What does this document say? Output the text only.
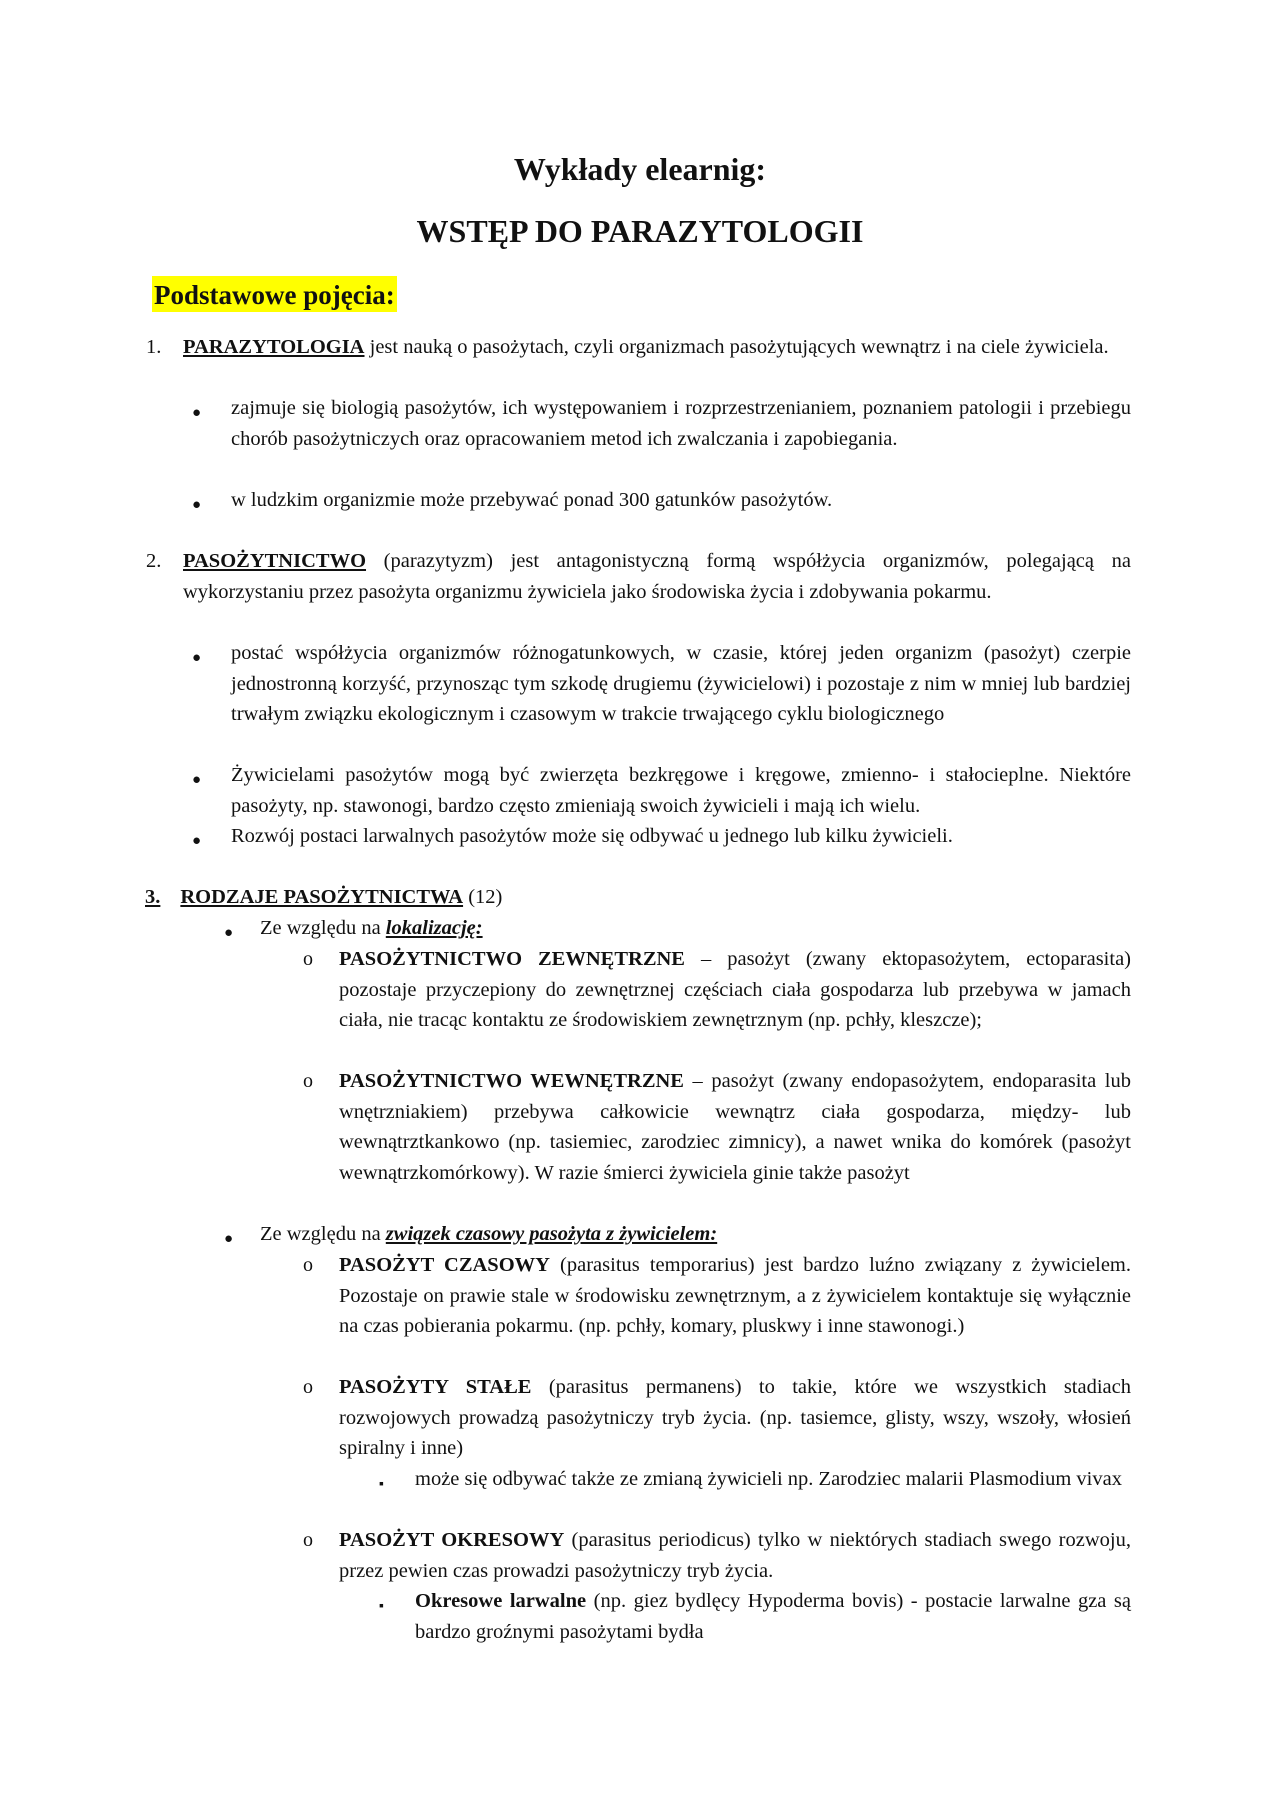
Wykłady elearnig:
WSTĘP DO PARAZYTOLOGII
Podstawowe pojęcia:
1. PARAZYTOLOGIA jest nauką o pasożytach, czyli organizmach pasożytujących wewnątrz i na ciele żywiciela.

●	zajmuje się biologią pasożytów, ich występowaniem i rozprzestrzenianiem, poznaniem patologii i przebiegu chorób pasożytniczych oraz opracowaniem metod ich zwalczania i zapobiegania.

●	w ludzkim organizmie może przebywać ponad 300 gatunków pasożytów.

2. PASOŻYTNICTWO (parazytyzm) jest antagonistyczną formą współżycia organizmów, polegającą na wykorzystaniu przez pasożyta organizmu żywiciela jako środowiska życia i zdobywania pokarmu.

●	postać współżycia organizmów różnogatunkowych, w czasie, której jeden organizm (pasożyt) czerpie jednostronną korzyść, przynosząc tym szkodę drugiemu (żywicielowi) i pozostaje z nim w mniej lub bardziej trwałym związku ekologicznym i czasowym w trakcie trwającego cyklu biologicznego

●	Żywicielami pasożytów mogą być zwierzęta bezkręgowe i kręgowe, zmienno- i stałocieplne. Niektóre pasożyty, np. stawonogi, bardzo często zmieniają swoich żywicieli i mają ich wielu.

●	Rozwój postaci larwalnych pasożytów może się odbywać u jednego lub kilku żywicieli.

3. RODZAJE PASOŻYTNICTWA (12)

●	Ze względu na lokalizację:

o PASOŻYTNICTWO ZEWNĘTRZNE – pasożyt (zwany ektopasożytem, ectoparasita) pozostaje przyczepiony do zewnętrznej częściach ciała gospodarza lub przebywa w jamach ciała, nie tracąc kontaktu ze środowiskiem zewnętrznym (np. pchły, kleszcze);

o PASOŻYTNICTWO WEWNĘTRZNE – pasożyt (zwany endopasożytem, endoparasita lub wnętrzniakiem) przebywa całkowicie wewnątrz ciała gospodarza, między- lub wewnątrztkankowo (np. tasiemiec, zarodziec zimnicy), a nawet wnika do komórek (pasożyt wewnątrzkomórkowy). W razie śmierci żywiciela ginie także pasożyt

●	Ze względu na związek czasowy pasożyta z żywicielem:

o PASOŻYT CZASOWY (parasitus temporarius) jest bardzo luźno związany z żywicielem. Pozostaje on prawie stale w środowisku zewnętrznym, a z żywicielem kontaktuje się wyłącznie na czas pobierania pokarmu. (np. pchły, komary, pluskwy i inne stawonogi.)

o PASOŻYTY STAŁE (parasitus permanens) to takie, które we wszystkich stadiach rozwojowych prowadzą pasożytniczy tryb życia. (np. tasiemce, glisty, wszy, wszoły, włosień spiralny i inne)

▪ może się odbywać także ze zmianą żywicieli np. Zarodziec malarii Plasmodium vivax

o PASOŻYT OKRESOWY (parasitus periodicus) tylko w niektórych stadiach swego rozwoju, przez pewien czas prowadzi pasożytniczy tryb życia.

▪ Okresowe larwalne (np. giez bydlęcy Hypoderma bovis) - postacie larwalne gza są bardzo groźnymi pasożytami bydła
